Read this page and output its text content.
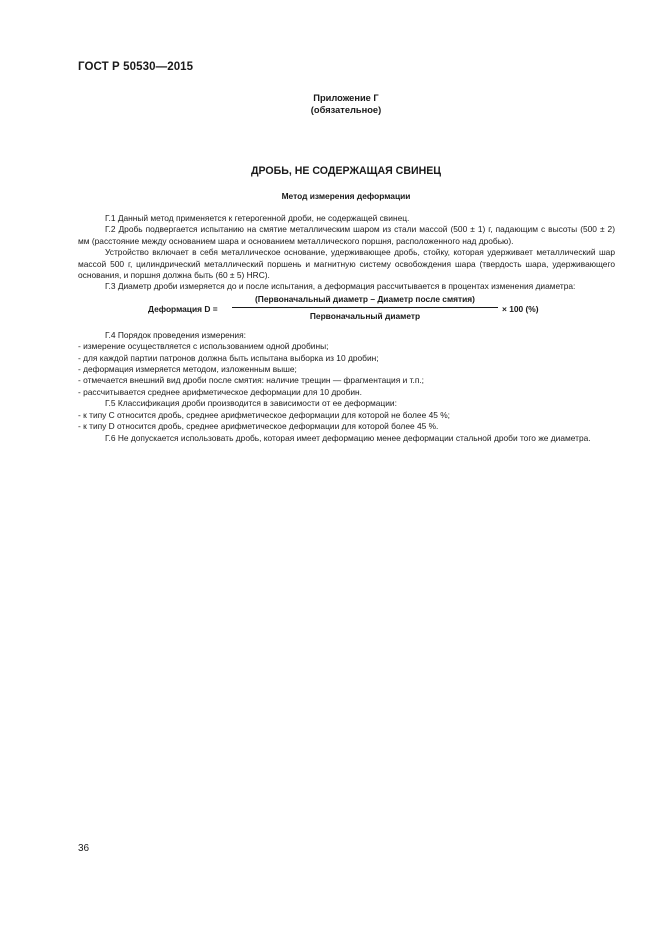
ГОСТ Р 50530—2015
Приложение Г
(обязательное)
ДРОБЬ, НЕ СОДЕРЖАЩАЯ СВИНЕЦ
Метод измерения деформации

Г.1 Данный метод применяется к гетерогенной дроби, не содержащей свинец.

Г.2 Дробь подвергается испытанию на смятие металлическим шаром из стали массой (500 ± 1) г, падающим с высоты (500 ± 2) мм (расстояние между основанием шара и основанием металлического поршня, расположенного над дробью).

Устройство включает в себя металлическое основание, удерживающее дробь, стойку, которая удерживает металлический шар массой 500 г, цилиндрический металлический поршень и магнитную систему освобождения шара (твердость шара, удерживающего основания, и поршня должна быть (60 ± 5) HRC).

Г.3 Диаметр дроби измеряется до и после испытания, а деформация рассчитывается в процентах изменения диаметра:

Деформация D =
(Первоначальный диаметр – Диаметр после смятия)
Первоначальный диаметр
× 100 (%)

Г.4 Порядок проведения измерения:

- измерение осуществляется с использованием одной дробины;

- для каждой партии патронов должна быть испытана выборка из 10 дробин;

- деформация измеряется методом, изложенным выше;

- отмечается внешний вид дроби после смятия: наличие трещин — фрагментация и т.п.;

- рассчитывается среднее арифметическое деформации для 10 дробин.

Г.5 Классификация дроби производится в зависимости от ее деформации:

- к типу С относится дробь, среднее арифметическое деформации для которой не более 45 %;

- к типу D относится дробь, среднее арифметическое деформации для которой более 45 %.

Г.6 Не допускается использовать дробь, которая имеет деформацию менее деформации стальной дроби того же диаметра.

36
